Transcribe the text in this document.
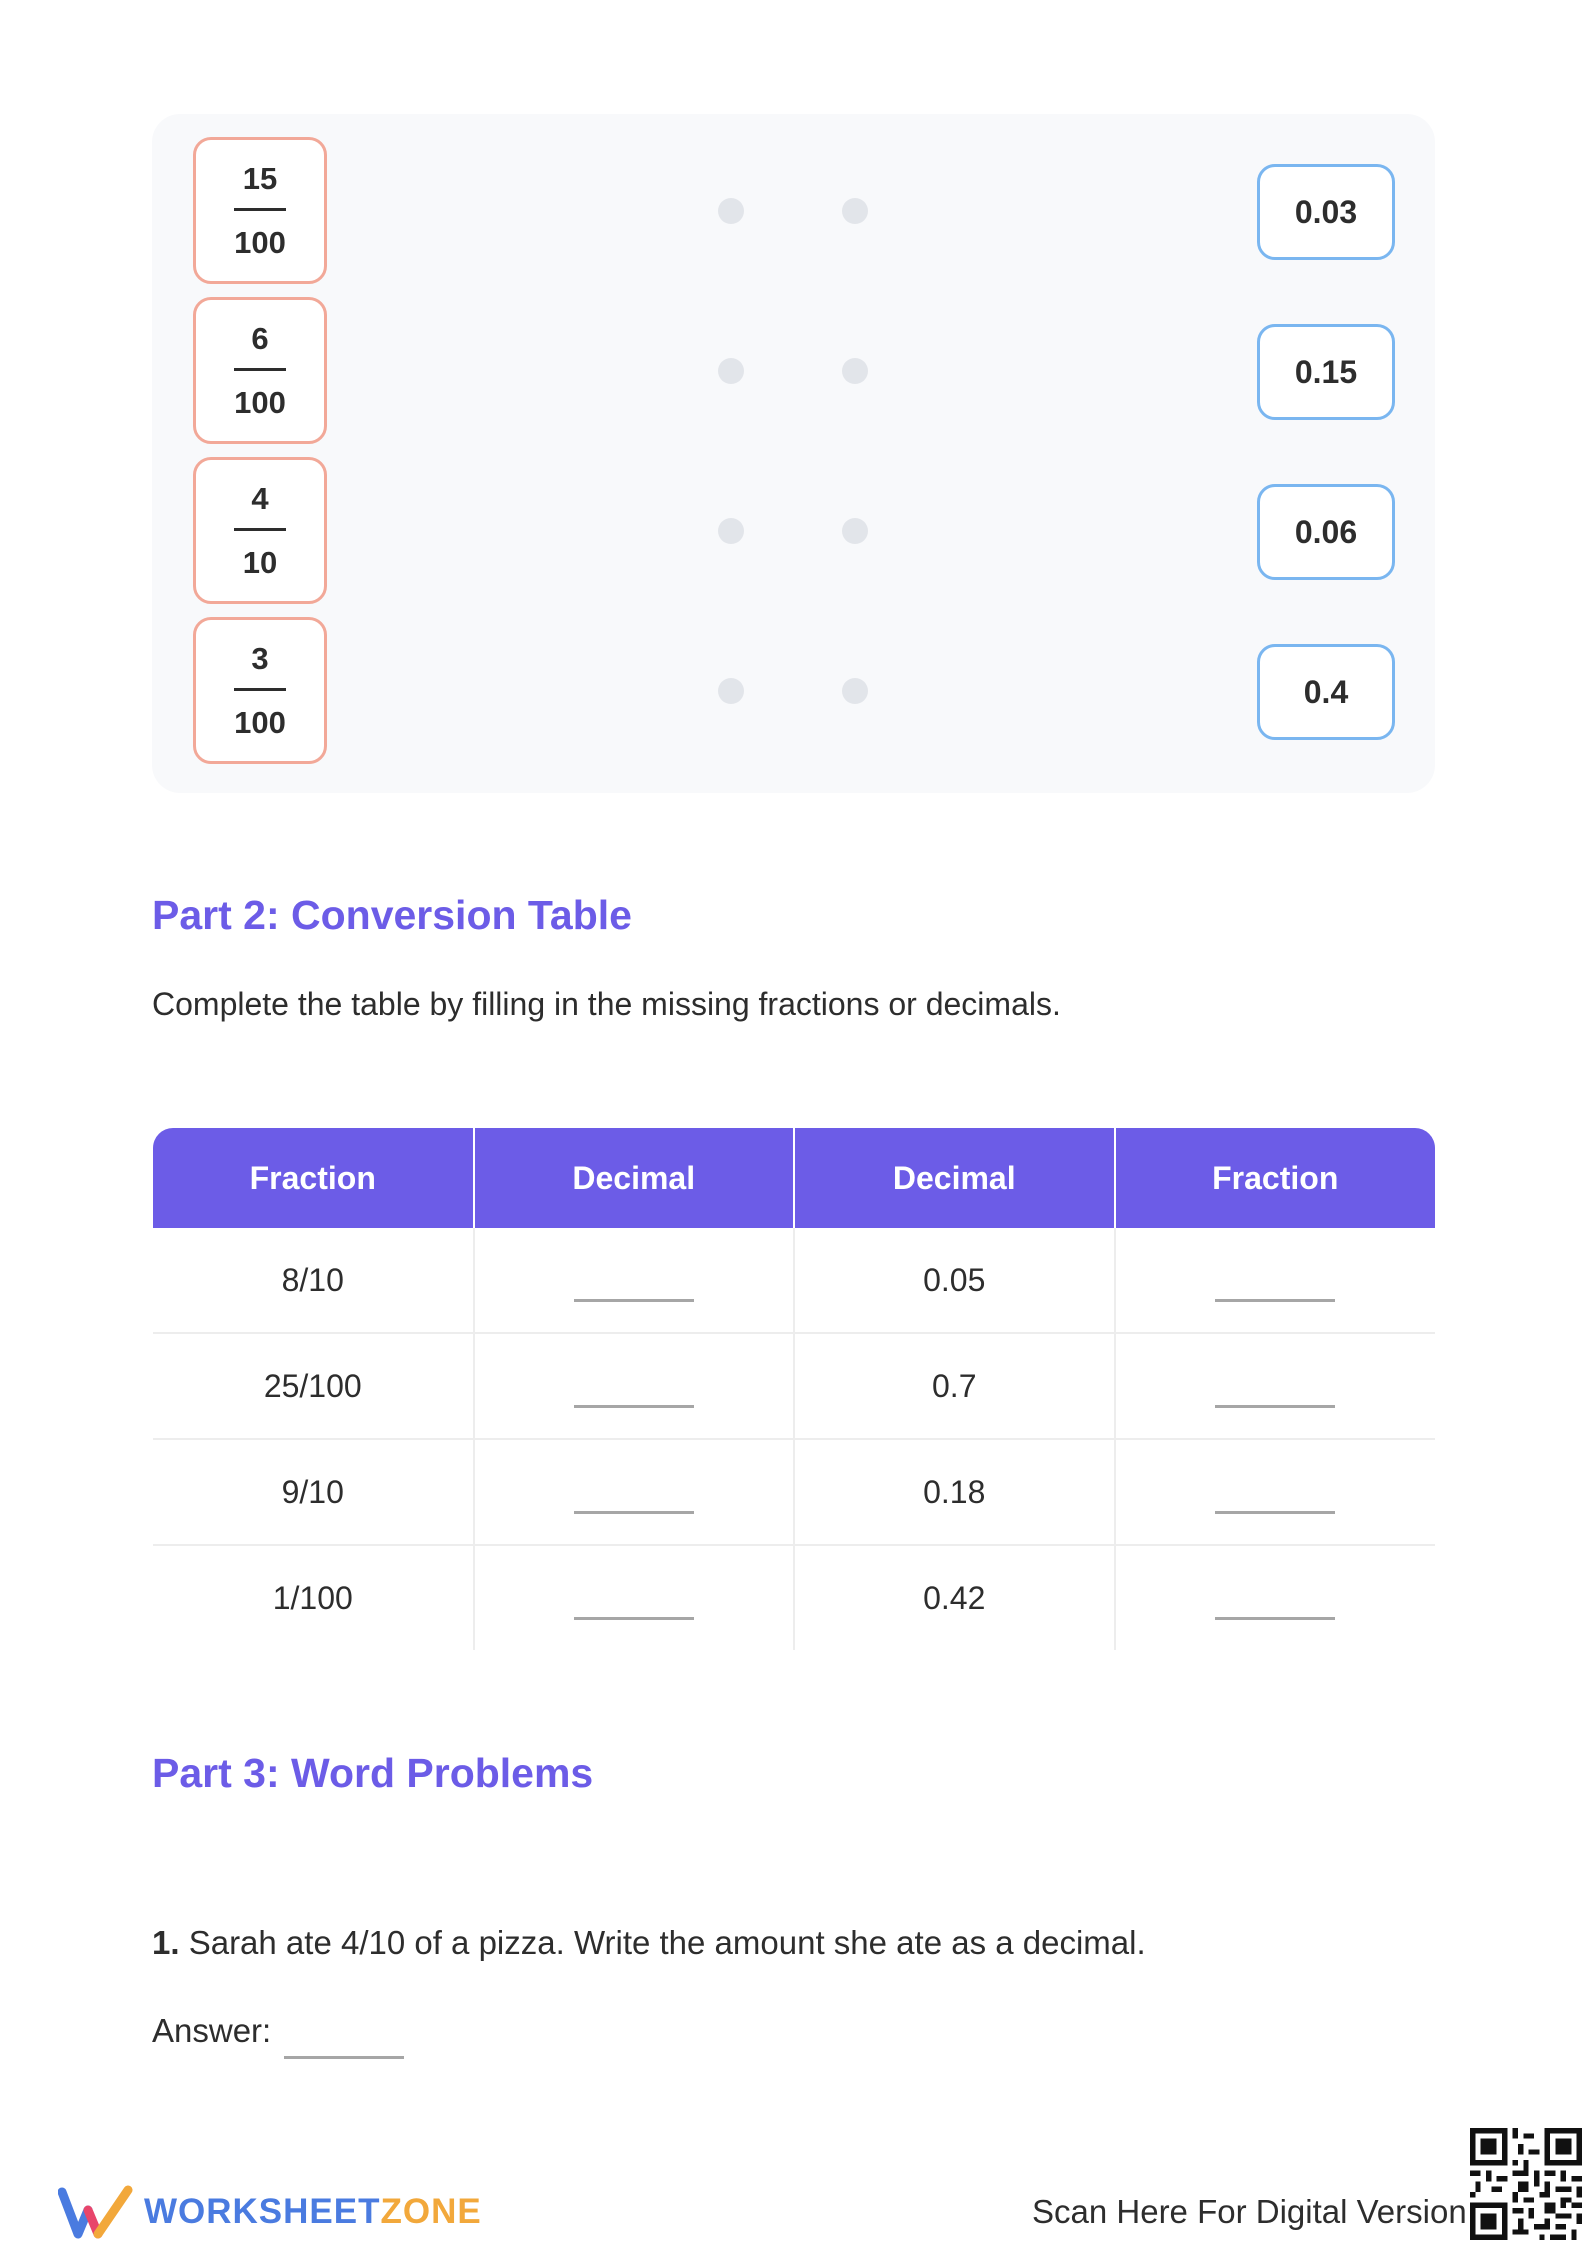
15
100
0.03
6
100
0.15
4
10
0.06
3
100
0.4
Part 2: Conversion Table

Complete the table by filling in the missing fractions or decimals.

Fraction	Decimal	Decimal	Fraction
8/10		0.05	
25/100		0.7	
9/10		0.18	
1/100		0.42	
Part 3: Word Problems

1. Sarah ate 4/10 of a pizza. Write the amount she ate as a decimal.

Answer:
WORKSHEETZONE	Scan Here For Digital Version
